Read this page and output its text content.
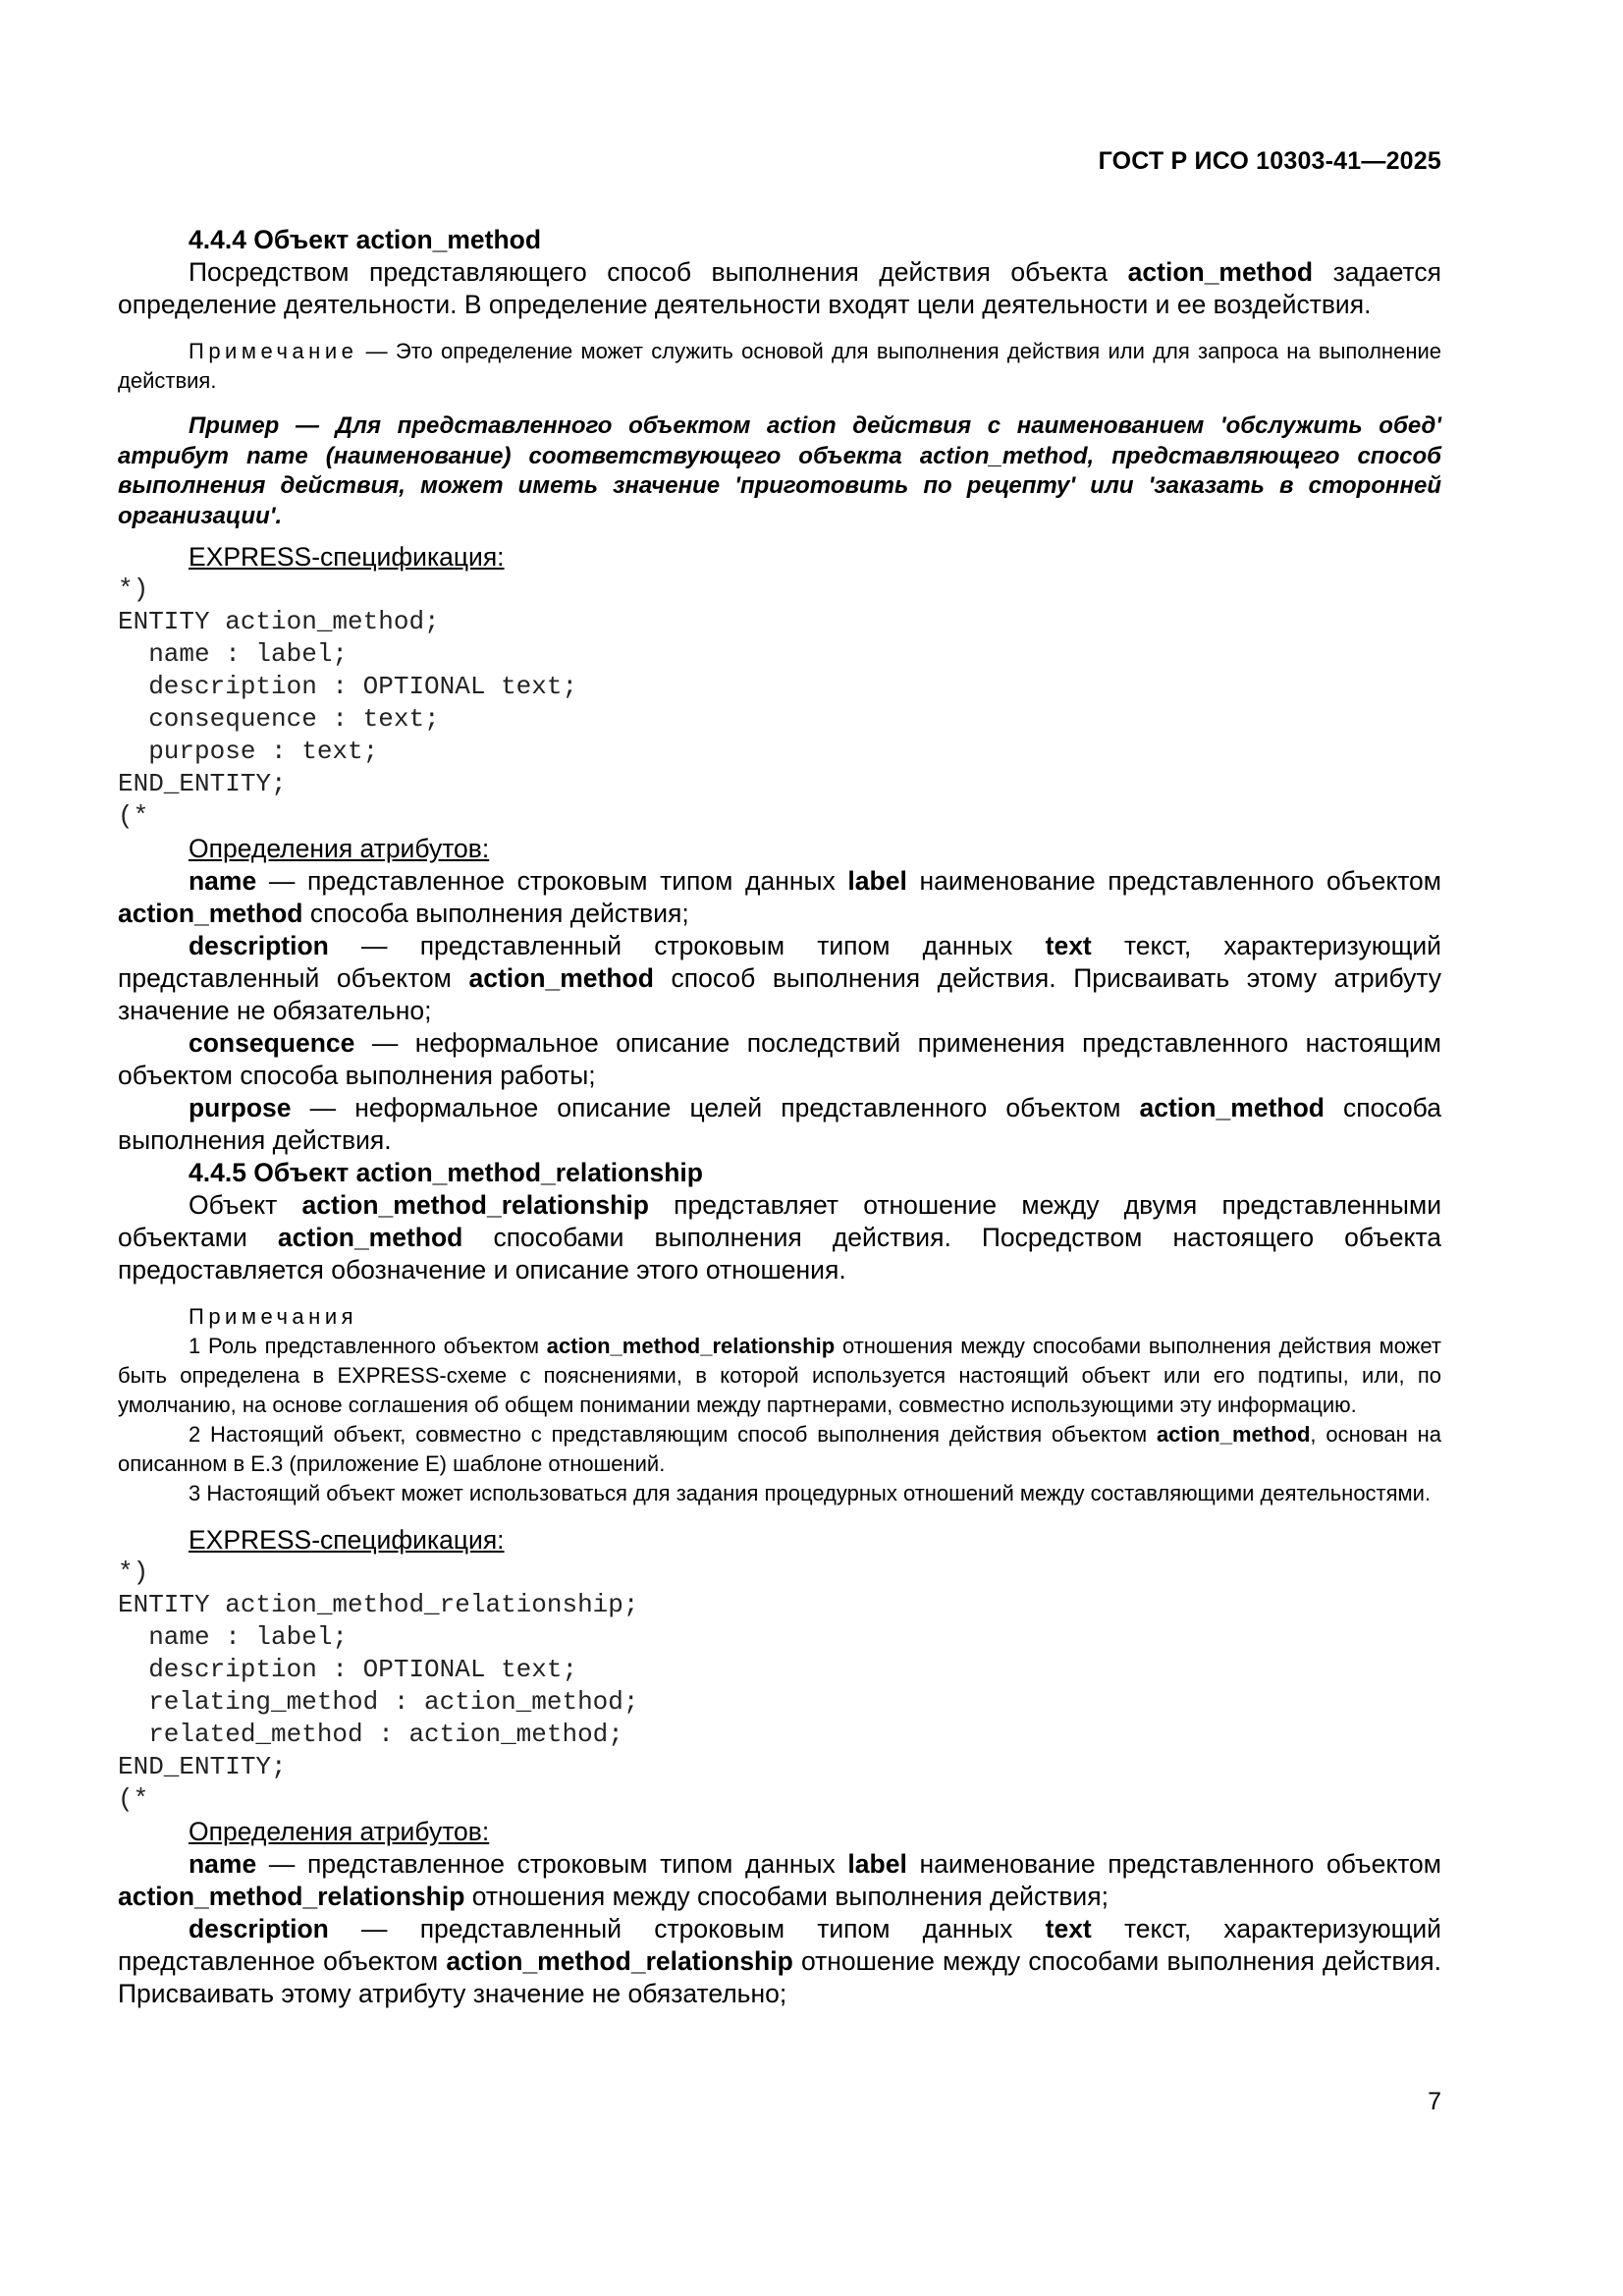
ГОСТ Р ИСО 10303-41—2025

4.4.4 Объект action_method

Посредством представляющего способ выполнения действия объекта action_method задается определение деятельности. В определение деятельности входят цели деятельности и ее воздействия.

Примечание — Это определение может служить основой для выполнения действия или для запроса на выполнение действия.

Пример — Для представленного объектом action действия с наименованием 'обслужить обед' атрибут name (наименование) соответствующего объекта action_method, представляющего способ выполнения действия, может иметь значение 'приготовить по рецепту' или 'заказать в сторонней организации'.

EXPRESS-спецификация:

*)
ENTITY action_method;
name : label;
description : OPTIONAL text;
consequence : text;
purpose : text;
END_ENTITY;
(*

Определения атрибутов:

name — представленное строковым типом данных label наименование представленного объектом action_method способа выполнения действия;

description — представленный строковым типом данных text текст, характеризующий представленный объектом action_method способ выполнения действия. Присваивать этому атрибуту значение не обязательно;

consequence — неформальное описание последствий применения представленного настоящим объектом способа выполнения работы;

purpose — неформальное описание целей представленного объектом action_method способа выполнения действия.

4.4.5 Объект action_method_relationship

Объект action_method_relationship представляет отношение между двумя представленными объектами action_method способами выполнения действия. Посредством настоящего объекта предоставляется обозначение и описание этого отношения.

Примечания

1 Роль представленного объектом action_method_relationship отношения между способами выполнения действия может быть определена в EXPRESS-схеме с пояснениями, в которой используется настоящий объект или его подтипы, или, по умолчанию, на основе соглашения об общем понимании между партнерами, совместно использующими эту информацию.

2 Настоящий объект, совместно с представляющим способ выполнения действия объектом action_method, основан на описанном в E.3 (приложение E) шаблоне отношений.

3 Настоящий объект может использоваться для задания процедурных отношений между составляющими деятельностями.

EXPRESS-спецификация:

*)
ENTITY action_method_relationship;
name : label;
description : OPTIONAL text;
relating_method : action_method;
related_method : action_method;
END_ENTITY;
(*

Определения атрибутов:

name — представленное строковым типом данных label наименование представленного объектом action_method_relationship отношения между способами выполнения действия;

description — представленный строковым типом данных text текст, характеризующий представленное объектом action_method_relationship отношение между способами выполнения действия. Присваивать этому атрибуту значение не обязательно;

7
